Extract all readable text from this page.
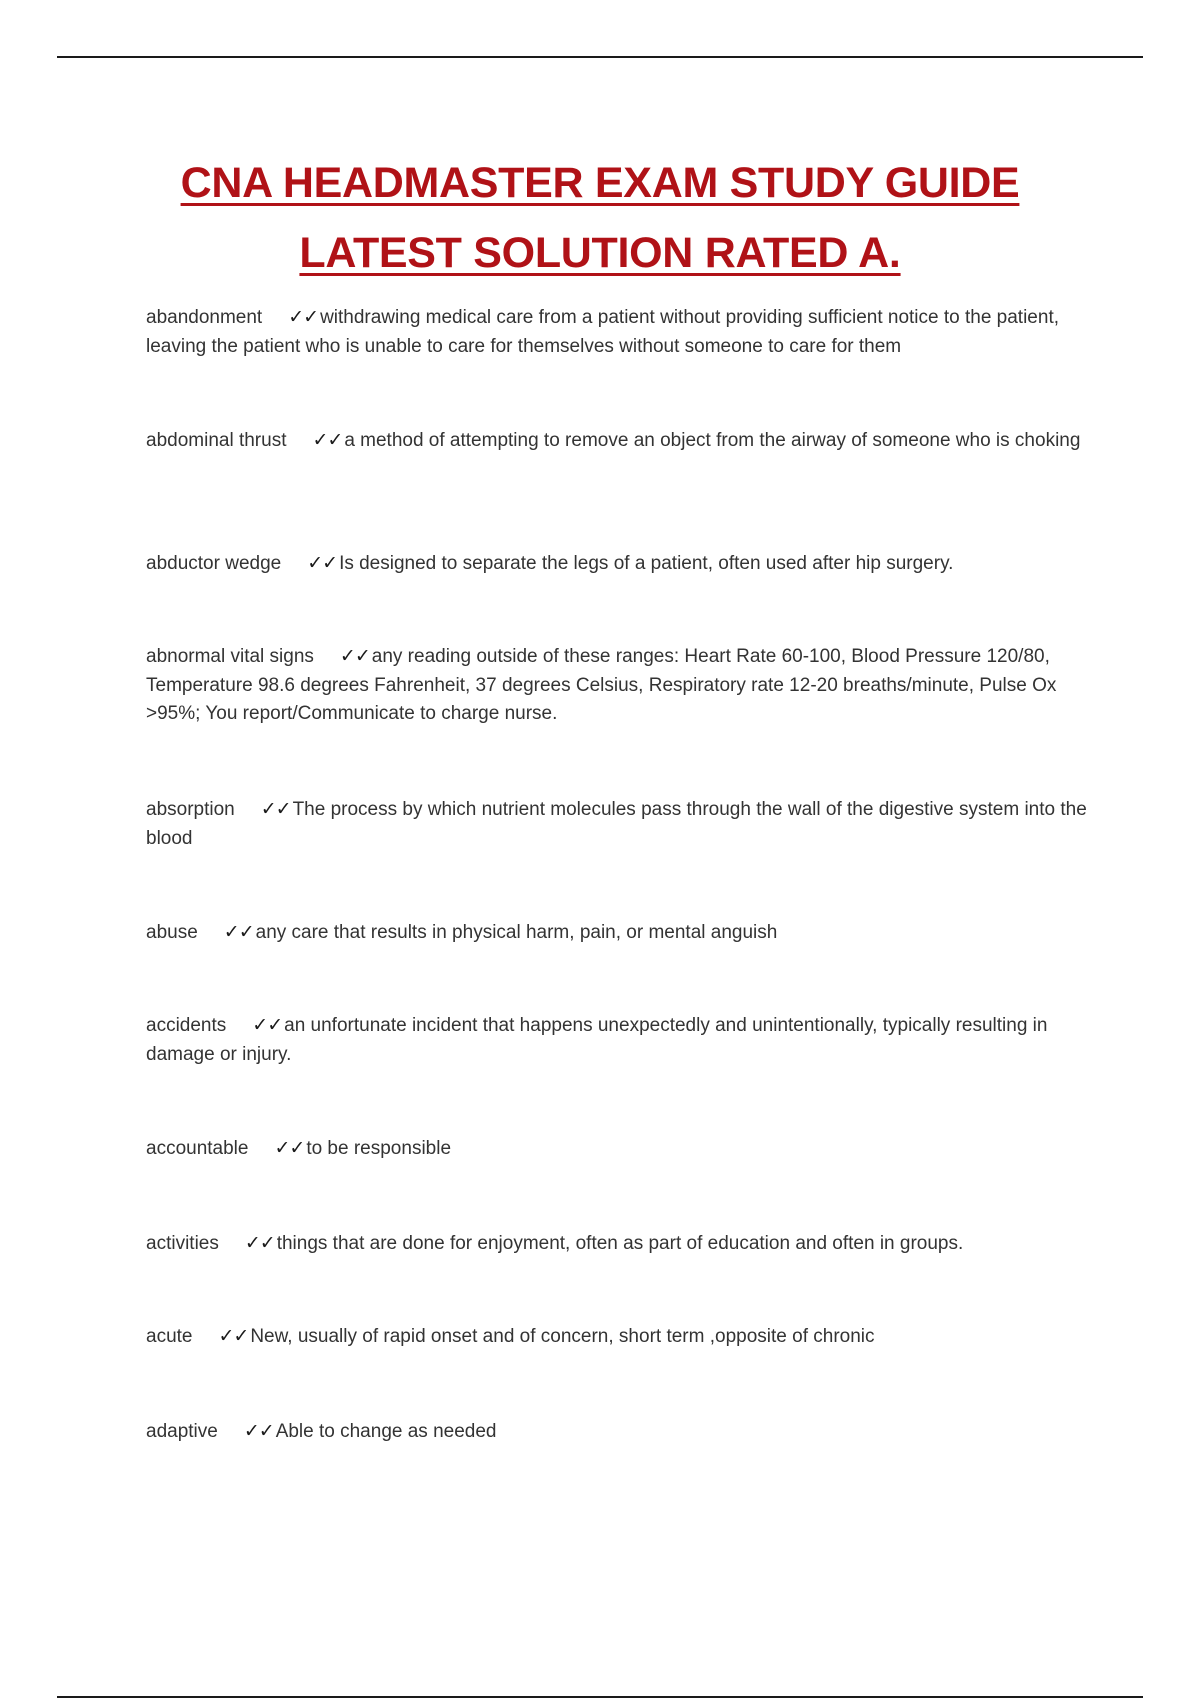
CNA HEADMASTER EXAM STUDY GUIDE
LATEST SOLUTION RATED A.
abandonment ✓✓ withdrawing medical care from a patient without providing sufficient notice to the patient, leaving the patient who is unable to care for themselves without someone to care for them
abdominal thrust ✓✓ a method of attempting to remove an object from the airway of someone who is choking
abductor wedge ✓✓ Is designed to separate the legs of a patient, often used after hip surgery.
abnormal vital signs ✓✓ any reading outside of these ranges: Heart Rate 60-100, Blood Pressure 120/80, Temperature 98.6 degrees Fahrenheit, 37 degrees Celsius, Respiratory rate 12-20 breaths/minute, Pulse Ox >95%; You report/Communicate to charge nurse.
absorption ✓✓ The process by which nutrient molecules pass through the wall of the digestive system into the blood
abuse ✓✓ any care that results in physical harm, pain, or mental anguish
accidents ✓✓ an unfortunate incident that happens unexpectedly and unintentionally, typically resulting in damage or injury.
accountable ✓✓ to be responsible
activities ✓✓ things that are done for enjoyment, often as part of education and often in groups.
acute ✓✓ New, usually of rapid onset and of concern, short term ,opposite of chronic
adaptive ✓✓ Able to change as needed
